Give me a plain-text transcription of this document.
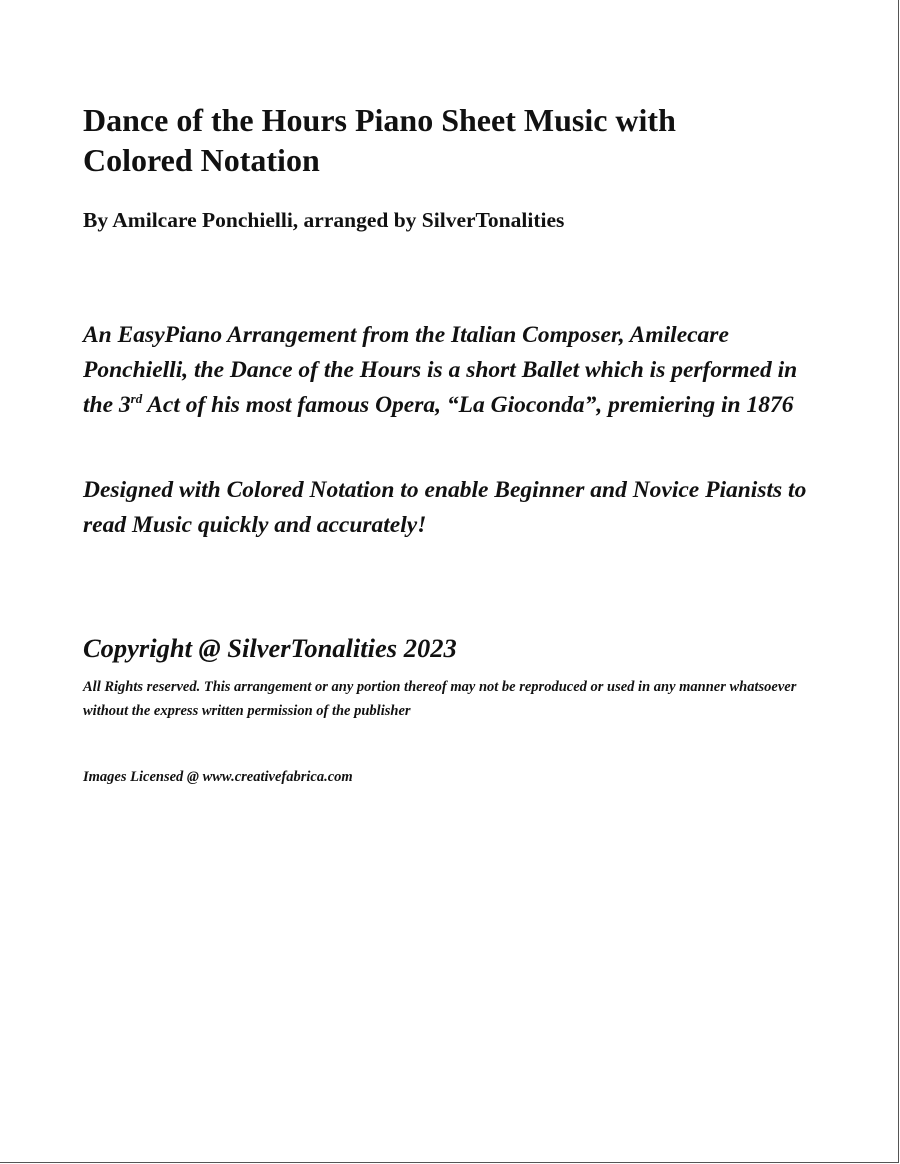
Dance of the Hours Piano Sheet Music with Colored Notation

By Amilcare Ponchielli, arranged by SilverTonalities

An EasyPiano Arrangement from the Italian Composer, Amilecare Ponchielli, the Dance of the Hours is a short Ballet which is performed in the 3rd Act of his most famous Opera, “La Gioconda”, premiering in 1876

Designed with Colored Notation to enable Beginner and Novice Pianists to read Music quickly and accurately!

Copyright @ SilverTonalities 2023

All Rights reserved. This arrangement or any portion thereof may not be reproduced or used in any manner whatsoever without the express written permission of the publisher

Images Licensed @ www.creativefabrica.com
